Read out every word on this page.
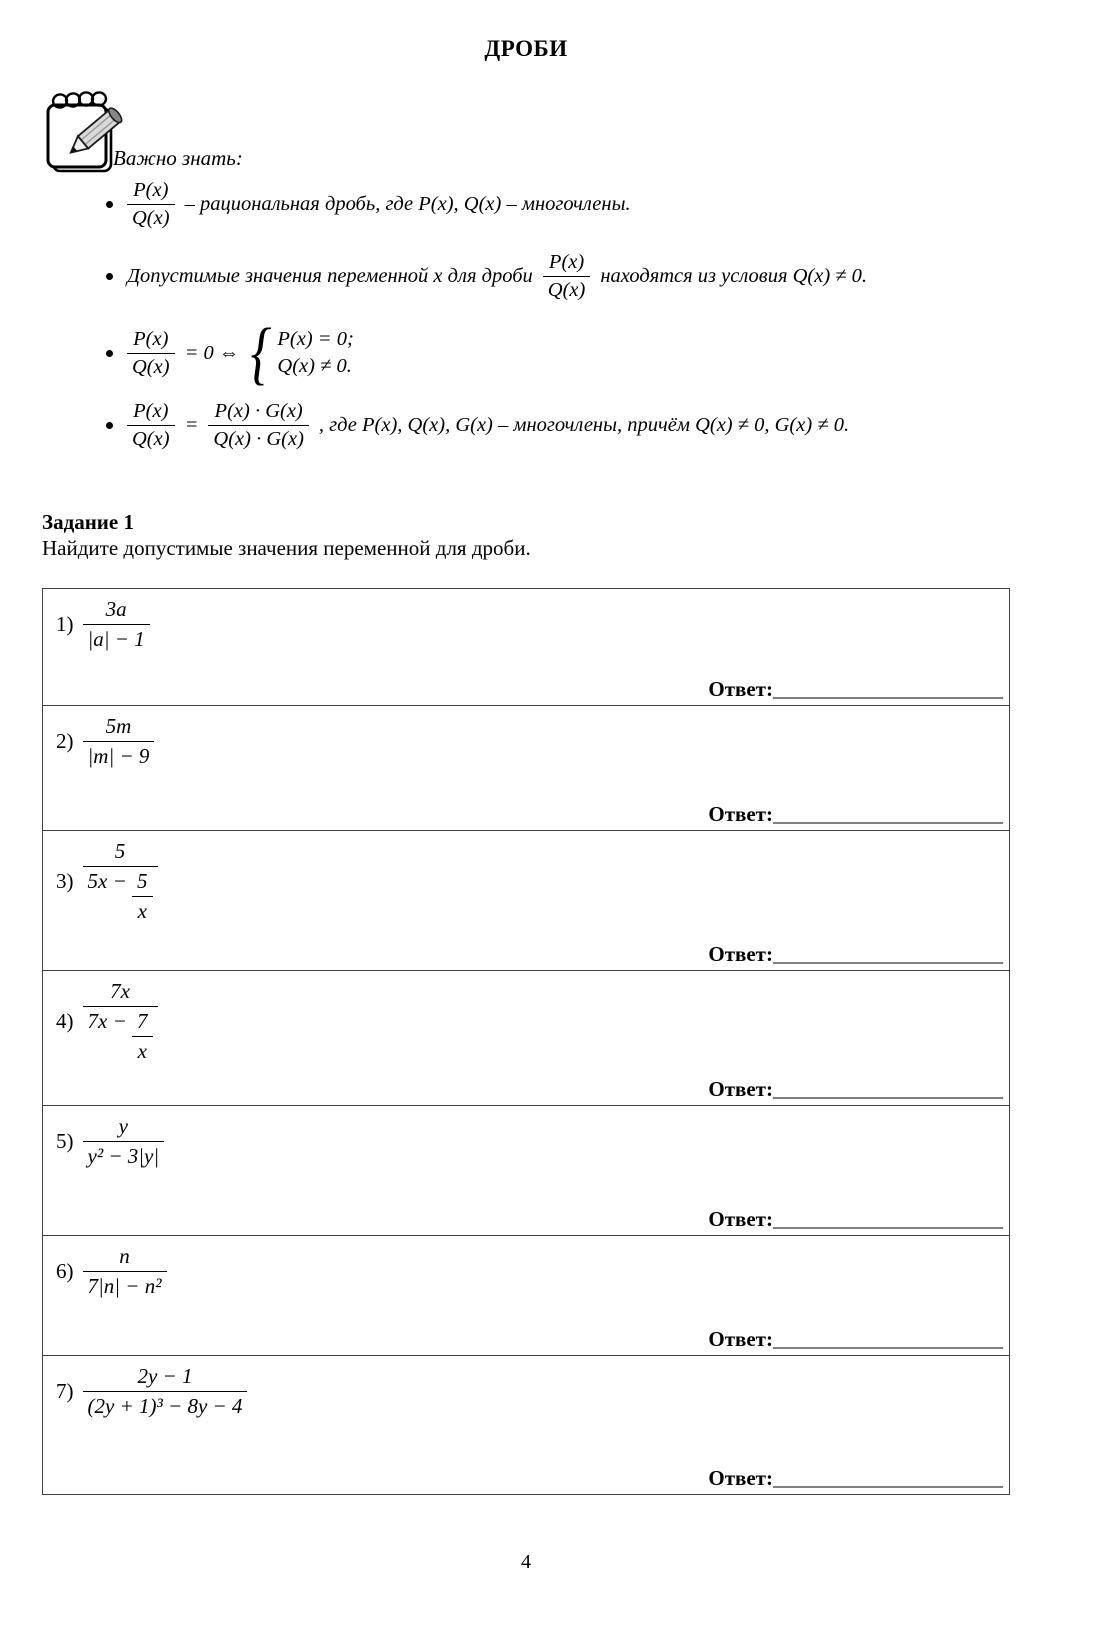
ДРОБИ
Важно знать:
$\frac{P(x)}{Q(x)}$ – рациональная дробь, где P(x), Q(x) – многочлены.
Допустимые значения переменной x для дроби $\frac{P(x)}{Q(x)}$ находятся из условия Q(x) ≠ 0.
$\frac{P(x)}{Q(x)} = 0$ ⇔ { P(x) = 0;
Q(x) ≠ 0.
$\frac{P(x)}{Q(x)} = \frac{P(x) \cdot G(x)}{Q(x) \cdot G(x)}$ , где P(x), Q(x), G(x) – многочлены, причём Q(x) ≠ 0, G(x) ≠ 0.
Задание 1
Найдите допустимые значения переменной для дроби.
$1) \frac{3a}{|a| - 1}$
Ответ:_______________________
$2) \frac{5m}{|m| - 9}$
Ответ:_______________________
$3) \frac{5}{5x - \frac{5}{x}}$
Ответ:_______________________
$4) \frac{7x}{7x - \frac{7}{x}}$
Ответ:_______________________
$5) \frac{y}{\text{y² − 3|y|}}$
Ответ:_______________________
$6) \frac{n}{\text{7|n| − n²}}$
Ответ:_______________________
$7) \frac{2y - 1}{\text{(2y + 1)³ − 8y − 4}}$
Ответ:_______________________
4
